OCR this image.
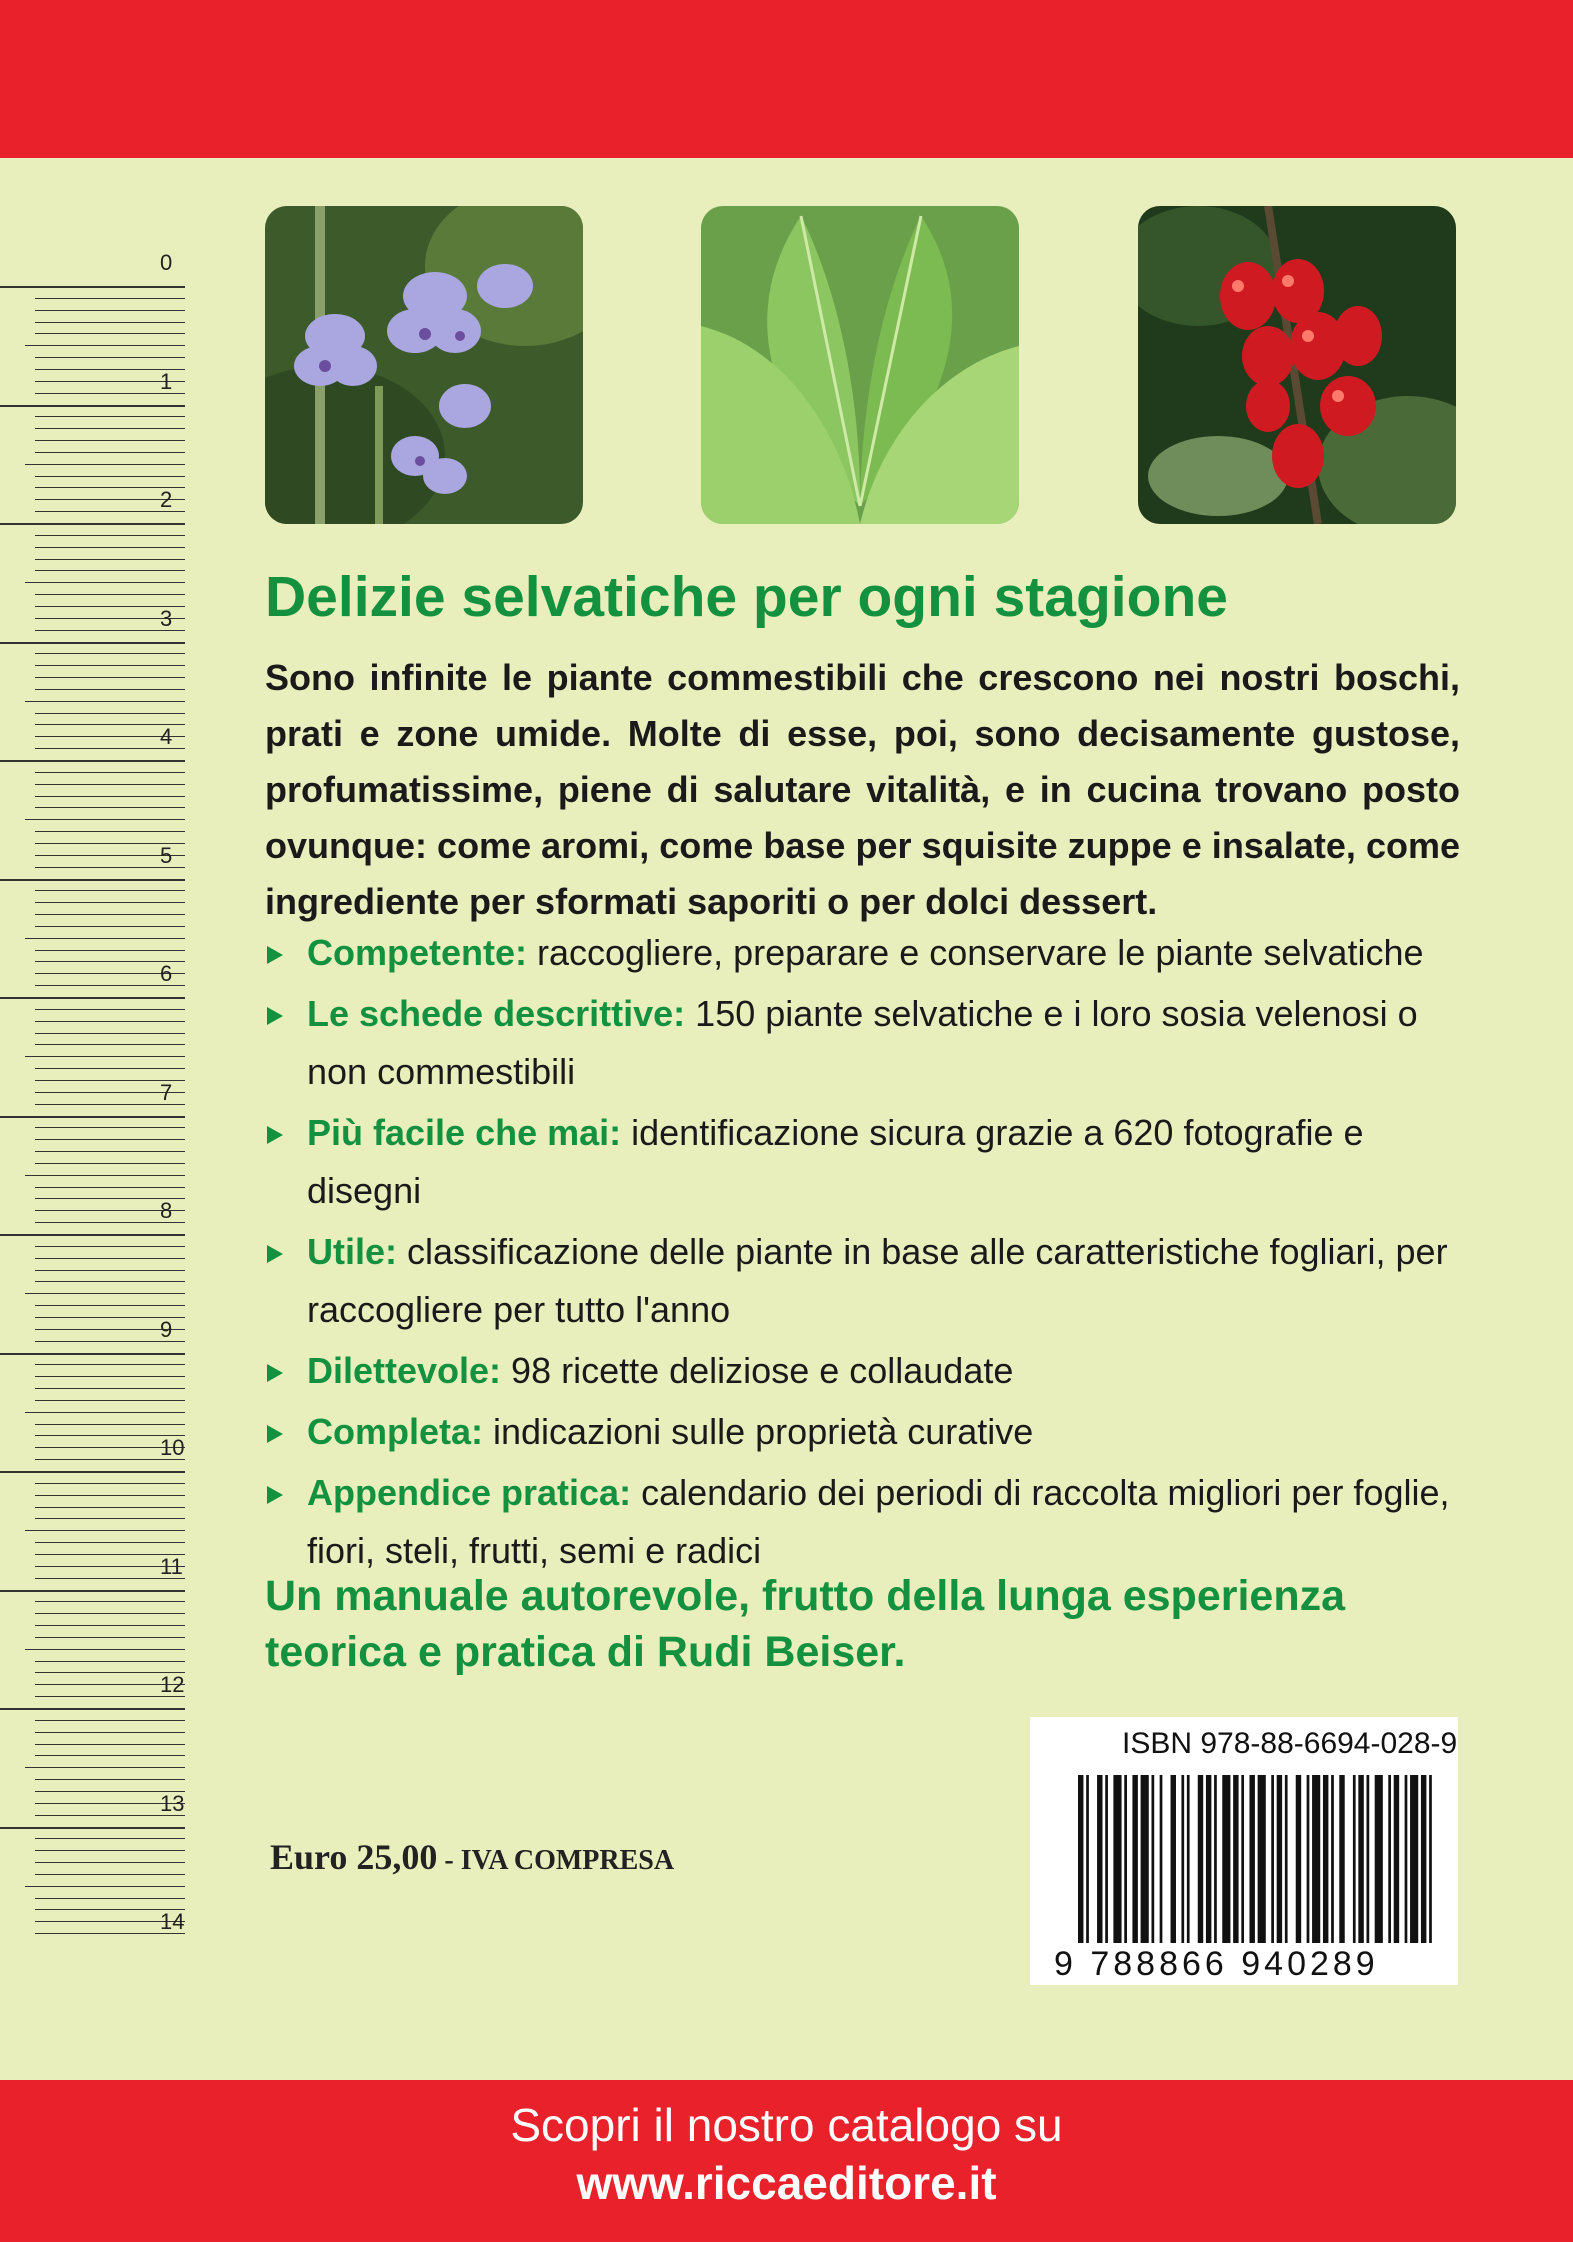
0
1
2
3
4
5
6
7
8
9
10
11
12
13
14
Delizie selvatiche per ogni stagione
Sono infinite le piante commestibili che crescono nei nostri boschi, prati e zone umide. Molte di esse, poi, sono decisamente gustose, profumatissime, piene di salutare vitalità, e in cucina trovano posto ovunque: come aromi, come base per squisite zuppe e insalate, come ingrediente per sformati saporiti o per dolci dessert.
Competente: raccogliere, preparare e conservare le piante selvatiche
Le schede descrittive: 150 piante selvatiche e i loro sosia velenosi o non commestibili
Più facile che mai: identificazione sicura grazie a 620 fotografie e disegni
Utile: classificazione delle piante in base alle caratteristiche fogliari, per raccogliere per tutto l'anno
Dilettevole: 98 ricette deliziose e collaudate
Completa: indicazioni sulle proprietà curative
Appendice pratica: calendario dei periodi di raccolta migliori per foglie, fiori, steli, frutti, semi e radici
Un manuale autorevole, frutto della lunga esperienza teorica e pratica di Rudi Beiser.
Euro 25,00 - IVA COMPRESA
ISBN 978-88-6694-028-9
9 788866 940289
Scopri il nostro catalogo su
www.riccaeditore.it
